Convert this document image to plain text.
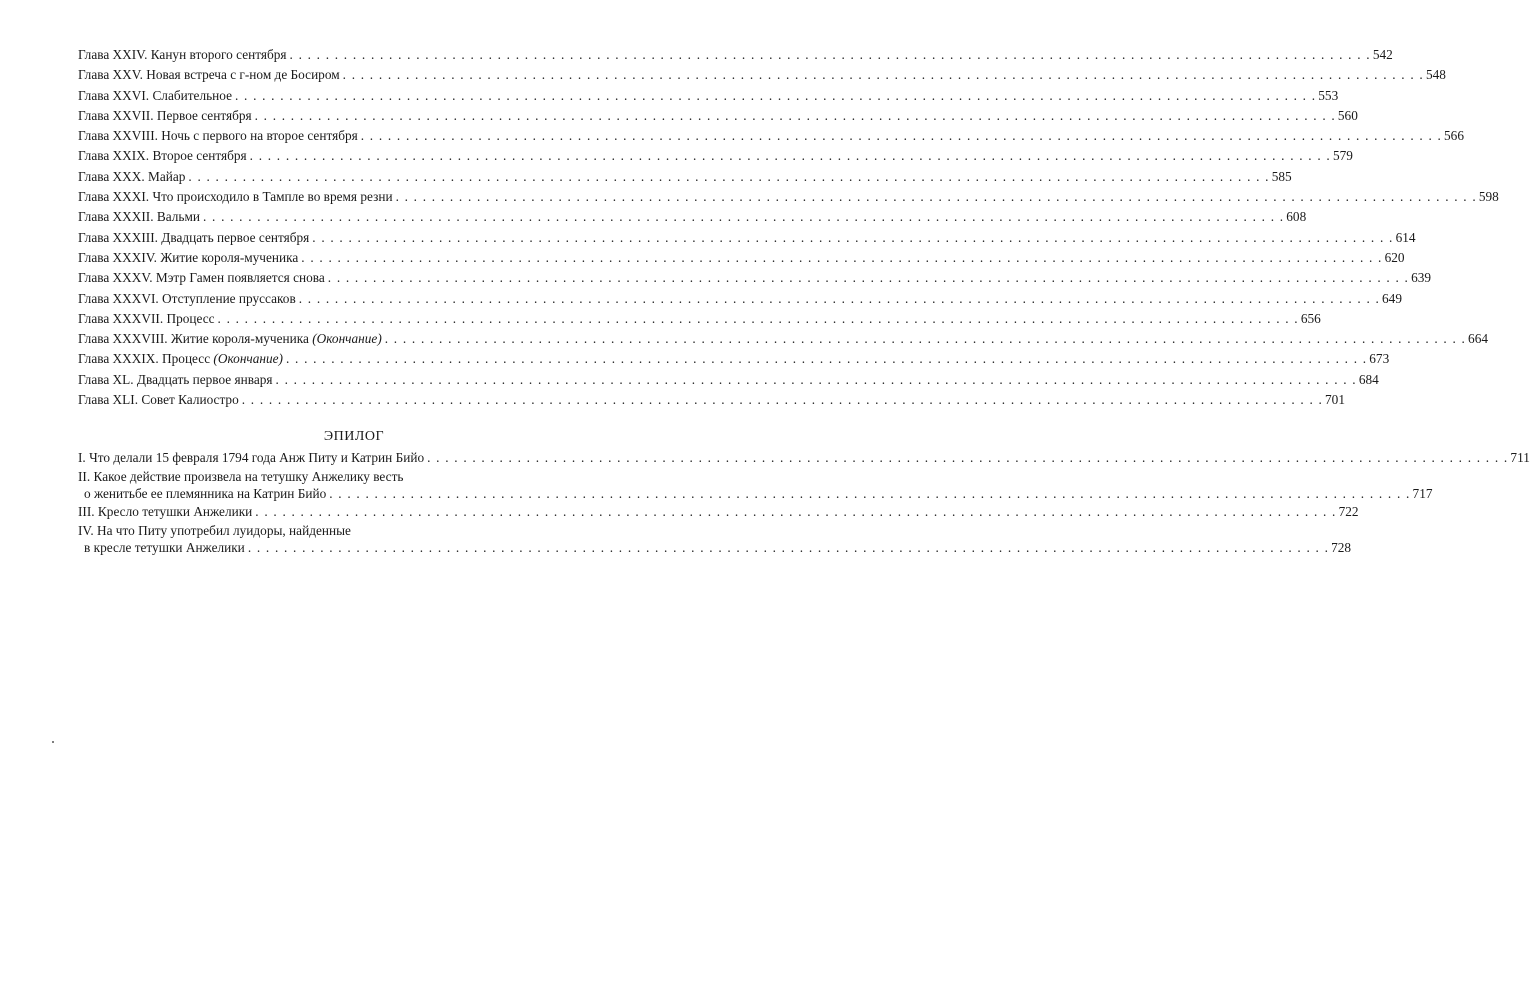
Глава XXIV. Канун второго сентября . . . . . . . . . . . . . . . . . . . . . . . . . . . . . . . . . . . . . . . . . . . . . . . . . . . . . . . . . . . . . . . . . . . . . . . . . . . . . . . . . . . . . . . . . . . . . . . . . . . . . . . . . . . . . . . . . . . . . . . . 542
Глава XXV. Новая встреча с г-ном де Босиром . . . . . . . . . . . . . . . . . . . . . . . . . . . . . . . . . . . . . . . . . . . . . . . . . . . . . . . . . . . . . . . . . . . . . . . . . . . . . . . . . . . . . . . . . . . . . . . . . . . . . . . . . . . . . . . . . . . . . . . . 548
Глава XXVI. Слабительное . . . . . . . . . . . . . . . . . . . . . . . . . . . . . . . . . . . . . . . . . . . . . . . . . . . . . . . . . . . . . . . . . . . . . . . . . . . . . . . . . . . . . . . . . . . . . . . . . . . . . . . . . . . . . . . . . . . . . . . . 553
Глава XXVII. Первое сентября . . . . . . . . . . . . . . . . . . . . . . . . . . . . . . . . . . . . . . . . . . . . . . . . . . . . . . . . . . . . . . . . . . . . . . . . . . . . . . . . . . . . . . . . . . . . . . . . . . . . . . . . . . . . . . . . . . . . . . . . 560
Глава XXVIII. Ночь с первого на второе сентября . . . . . . . . . . . . . . . . . . . . . . . . . . . . . . . . . . . . . . . . . . . . . . . . . . . . . . . . . . . . . . . . . . . . . . . . . . . . . . . . . . . . . . . . . . . . . . . . . . . . . . . . . . . . . . . . . . . . . . . . 566
Глава XXIX. Второе сентября . . . . . . . . . . . . . . . . . . . . . . . . . . . . . . . . . . . . . . . . . . . . . . . . . . . . . . . . . . . . . . . . . . . . . . . . . . . . . . . . . . . . . . . . . . . . . . . . . . . . . . . . . . . . . . . . . . . . . . . . 579
Глава XXX. Майар . . . . . . . . . . . . . . . . . . . . . . . . . . . . . . . . . . . . . . . . . . . . . . . . . . . . . . . . . . . . . . . . . . . . . . . . . . . . . . . . . . . . . . . . . . . . . . . . . . . . . . . . . . . . . . . . . . . . . . . . 585
Глава XXXI. Что происходило в Тампле во время резни . . . . . . . . . . . . . . . . . . . . . . . . . . . . . . . . . . . . . . . . . . . . . . . . . . . . . . . . . . . . . . . . . . . . . . . . . . . . . . . . . . . . . . . . . . . . . . . . . . . . . . . . . . . . . . . . . . . . . . . . 598
Глава XXXII. Вальми . . . . . . . . . . . . . . . . . . . . . . . . . . . . . . . . . . . . . . . . . . . . . . . . . . . . . . . . . . . . . . . . . . . . . . . . . . . . . . . . . . . . . . . . . . . . . . . . . . . . . . . . . . . . . . . . . . . . . . . . 608
Глава XXXIII. Двадцать первое сентября . . . . . . . . . . . . . . . . . . . . . . . . . . . . . . . . . . . . . . . . . . . . . . . . . . . . . . . . . . . . . . . . . . . . . . . . . . . . . . . . . . . . . . . . . . . . . . . . . . . . . . . . . . . . . . . . . . . . . . . . 614
Глава XXXIV. Житие короля-мученика . . . . . . . . . . . . . . . . . . . . . . . . . . . . . . . . . . . . . . . . . . . . . . . . . . . . . . . . . . . . . . . . . . . . . . . . . . . . . . . . . . . . . . . . . . . . . . . . . . . . . . . . . . . . . . . . . . . . . . . . 620
Глава XXXV. Мэтр Гамен появляется снова . . . . . . . . . . . . . . . . . . . . . . . . . . . . . . . . . . . . . . . . . . . . . . . . . . . . . . . . . . . . . . . . . . . . . . . . . . . . . . . . . . . . . . . . . . . . . . . . . . . . . . . . . . . . . . . . . . . . . . . . 639
Глава XXXVI. Отступление пруссаков . . . . . . . . . . . . . . . . . . . . . . . . . . . . . . . . . . . . . . . . . . . . . . . . . . . . . . . . . . . . . . . . . . . . . . . . . . . . . . . . . . . . . . . . . . . . . . . . . . . . . . . . . . . . . . . . . . . . . . . . 649
Глава XXXVII. Процесс . . . . . . . . . . . . . . . . . . . . . . . . . . . . . . . . . . . . . . . . . . . . . . . . . . . . . . . . . . . . . . . . . . . . . . . . . . . . . . . . . . . . . . . . . . . . . . . . . . . . . . . . . . . . . . . . . . . . . . . . 656
Глава XXXVIII. Житие короля-мученика (Окончание) . . . . . . . . . . . . . . . . . . . . . . . . . . . . . . . . . . . . . . . . . . . . . . . . . . . . . . . . . . . . . . . . . . . . . . . . . . . . . . . . . . . . . . . . . . . . . . . . . . . . . . . . . . . . . . . . . . . . . . . . 664
Глава XXXIX. Процесс (Окончание) . . . . . . . . . . . . . . . . . . . . . . . . . . . . . . . . . . . . . . . . . . . . . . . . . . . . . . . . . . . . . . . . . . . . . . . . . . . . . . . . . . . . . . . . . . . . . . . . . . . . . . . . . . . . . . . . . . . . . . . . 673
Глава XL. Двадцать первое января . . . . . . . . . . . . . . . . . . . . . . . . . . . . . . . . . . . . . . . . . . . . . . . . . . . . . . . . . . . . . . . . . . . . . . . . . . . . . . . . . . . . . . . . . . . . . . . . . . . . . . . . . . . . . . . . . . . . . . . . 684
Глава XLI. Совет Калиостро . . . . . . . . . . . . . . . . . . . . . . . . . . . . . . . . . . . . . . . . . . . . . . . . . . . . . . . . . . . . . . . . . . . . . . . . . . . . . . . . . . . . . . . . . . . . . . . . . . . . . . . . . . . . . . . . . . . . . . . . 701
ЭПИЛОГ
I. Что делали 15 февраля 1794 года Анж Питу и Катрин Бийо . . . . . . . . . . . . . . . . . . . . . . . . . . . . . . . . . . . . . . . . . . . . . . . . . . . . . . . . . . . . . . . . . . . . . . . . . . . . . . . . . . . . . . . . . . . . . . . . . . . . . . . . . . . . . . . . . . . . . . . . 711
II. Какое действие произвела на тетушку Анжелику весть
о женитьбе ее племянника на Катрин Бийо . . . . . . . . . . . . . . . . . . . . . . . . . . . . . . . . . . . . . . . . . . . . . . . . . . . . . . . . . . . . . . . . . . . . . . . . . . . . . . . . . . . . . . . . . . . . . . . . . . . . . . . . . . . . . . . . . . . . . . . . 717
III. Кресло тетушки Анжелики . . . . . . . . . . . . . . . . . . . . . . . . . . . . . . . . . . . . . . . . . . . . . . . . . . . . . . . . . . . . . . . . . . . . . . . . . . . . . . . . . . . . . . . . . . . . . . . . . . . . . . . . . . . . . . . . . . . . . . . . 722
IV. На что Питу употребил луидоры, найденные
в кресле тетушки Анжелики . . . . . . . . . . . . . . . . . . . . . . . . . . . . . . . . . . . . . . . . . . . . . . . . . . . . . . . . . . . . . . . . . . . . . . . . . . . . . . . . . . . . . . . . . . . . . . . . . . . . . . . . . . . . . . . . . . . . . . . . 728
